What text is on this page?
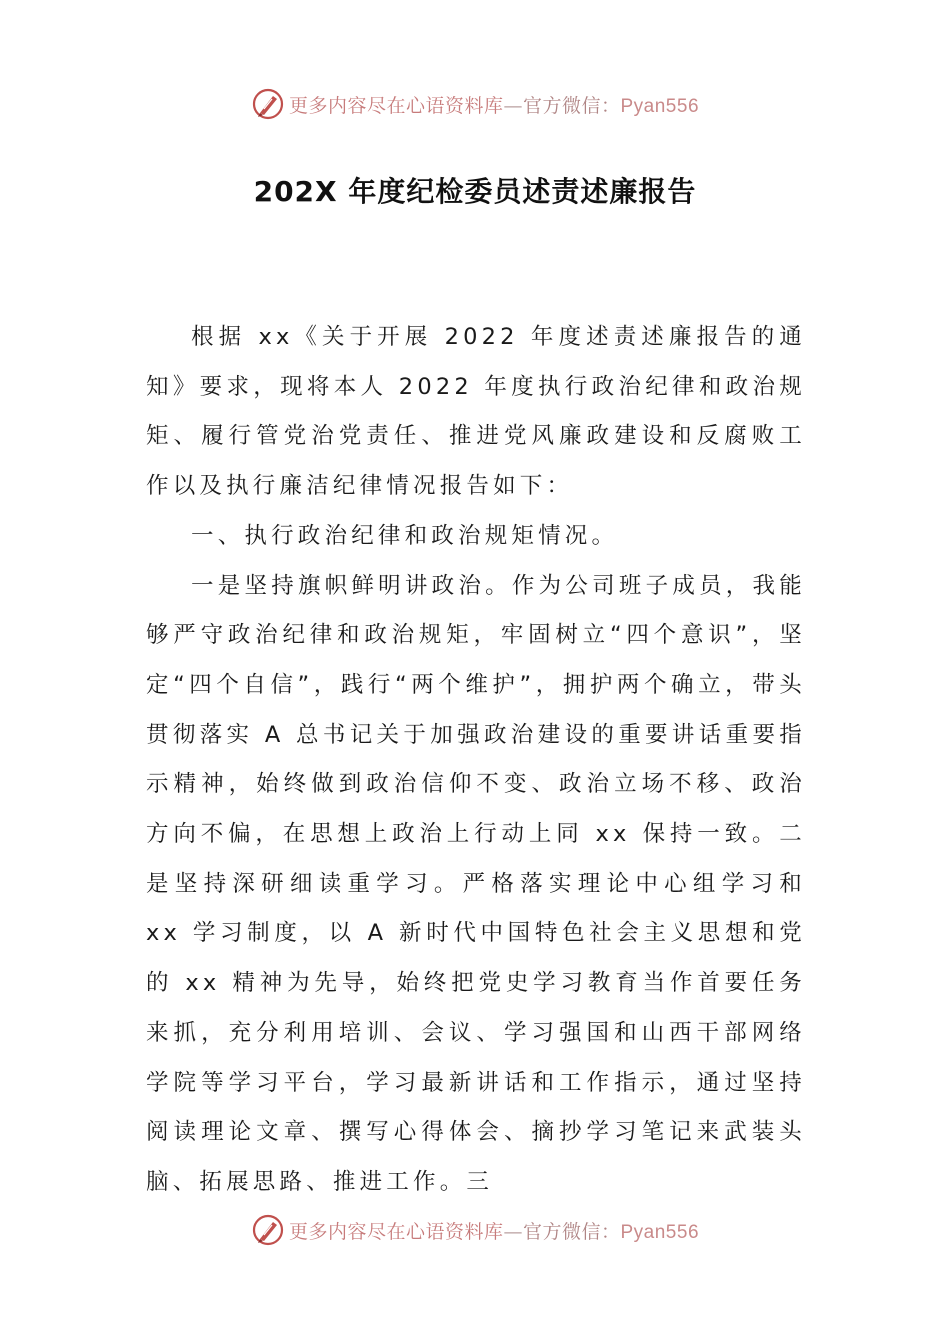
更多内容尽在心语资料库—官方微信：Pyan556
202X 年度纪检委员述责述廉报告

根据 xx《关于开展 2022 年度述责述廉报告的通知》要求，现将本人 2022 年度执行政治纪律和政治规矩、履行管党治党责任、推进党风廉政建设和反腐败工作以及执行廉洁纪律情况报告如下：

一、执行政治纪律和政治规矩情况。

一是坚持旗帜鲜明讲政治。作为公司班子成员，我能够严守政治纪律和政治规矩，牢固树立“四个意识”，坚定“四个自信”，践行“两个维护”，拥护两个确立，带头贯彻落实 A 总书记关于加强政治建设的重要讲话重要指示精神，始终做到政治信仰不变、政治立场不移、政治方向不偏，在思想上政治上行动上同 xx 保持一致。二是坚持深研细读重学习。严格落实理论中心组学习和 xx 学习制度，以 A 新时代中国特色社会主义思想和党的 xx 精神为先导，始终把党史学习教育当作首要任务来抓，充分利用培训、会议、学习强国和山西干部网络学院等学习平台，学习最新讲话和工作指示，通过坚持阅读理论文章、撰写心得体会、摘抄学习笔记来武装头脑、拓展思路、推进工作。三

更多内容尽在心语资料库—官方微信：Pyan556
